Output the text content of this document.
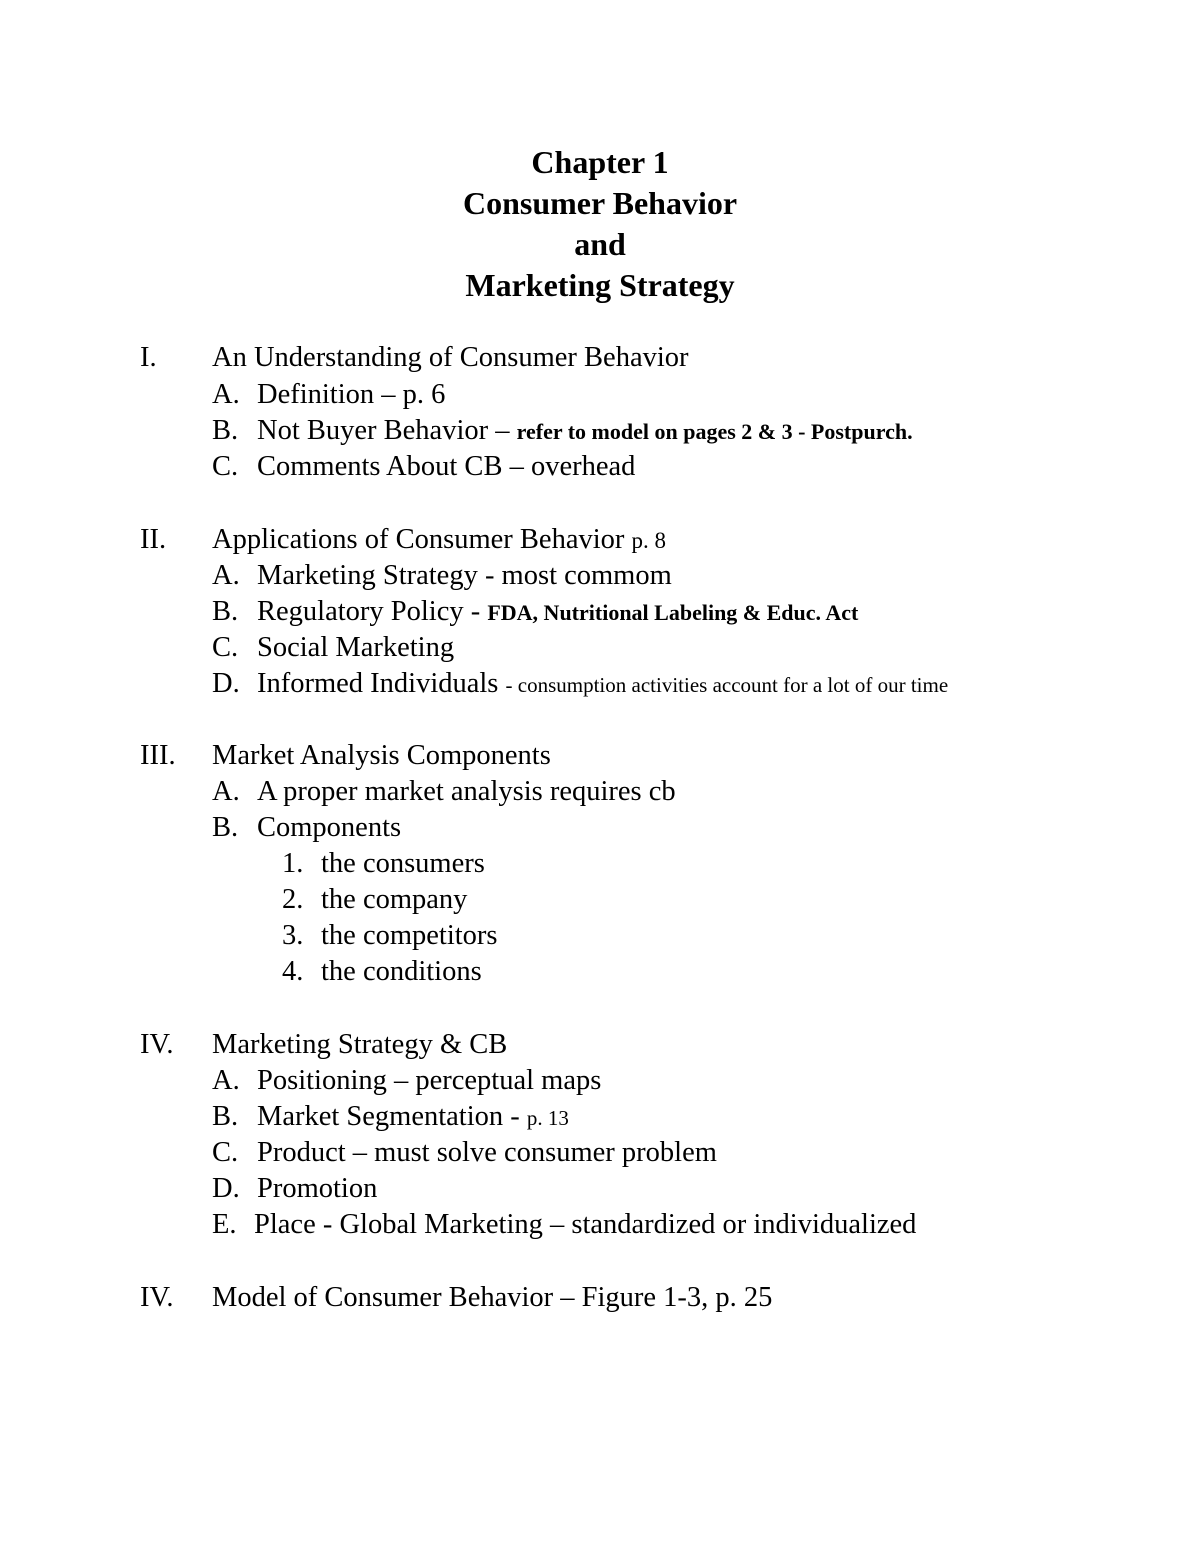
Chapter 1
Consumer Behavior
and
Marketing Strategy
I. An Understanding of Consumer Behavior
A. Definition – p. 6
B. Not Buyer Behavior – refer to model on pages 2 & 3 - Postpurch.
C. Comments About CB – overhead
II. Applications of Consumer Behavior p. 8
A. Marketing Strategy - most commom
B. Regulatory Policy - FDA, Nutritional Labeling & Educ. Act
C. Social Marketing
D. Informed Individuals - consumption activities account for a lot of our time
III. Market Analysis Components
A. A proper market analysis requires cb
B. Components
1. the consumers
2. the company
3. the competitors
4. the conditions
IV. Marketing Strategy & CB
A. Positioning – perceptual maps
B. Market Segmentation - p. 13
C. Product – must solve consumer problem
D. Promotion
E. Place - Global Marketing – standardized or individualized
IV. Model of Consumer Behavior – Figure 1-3, p. 25
